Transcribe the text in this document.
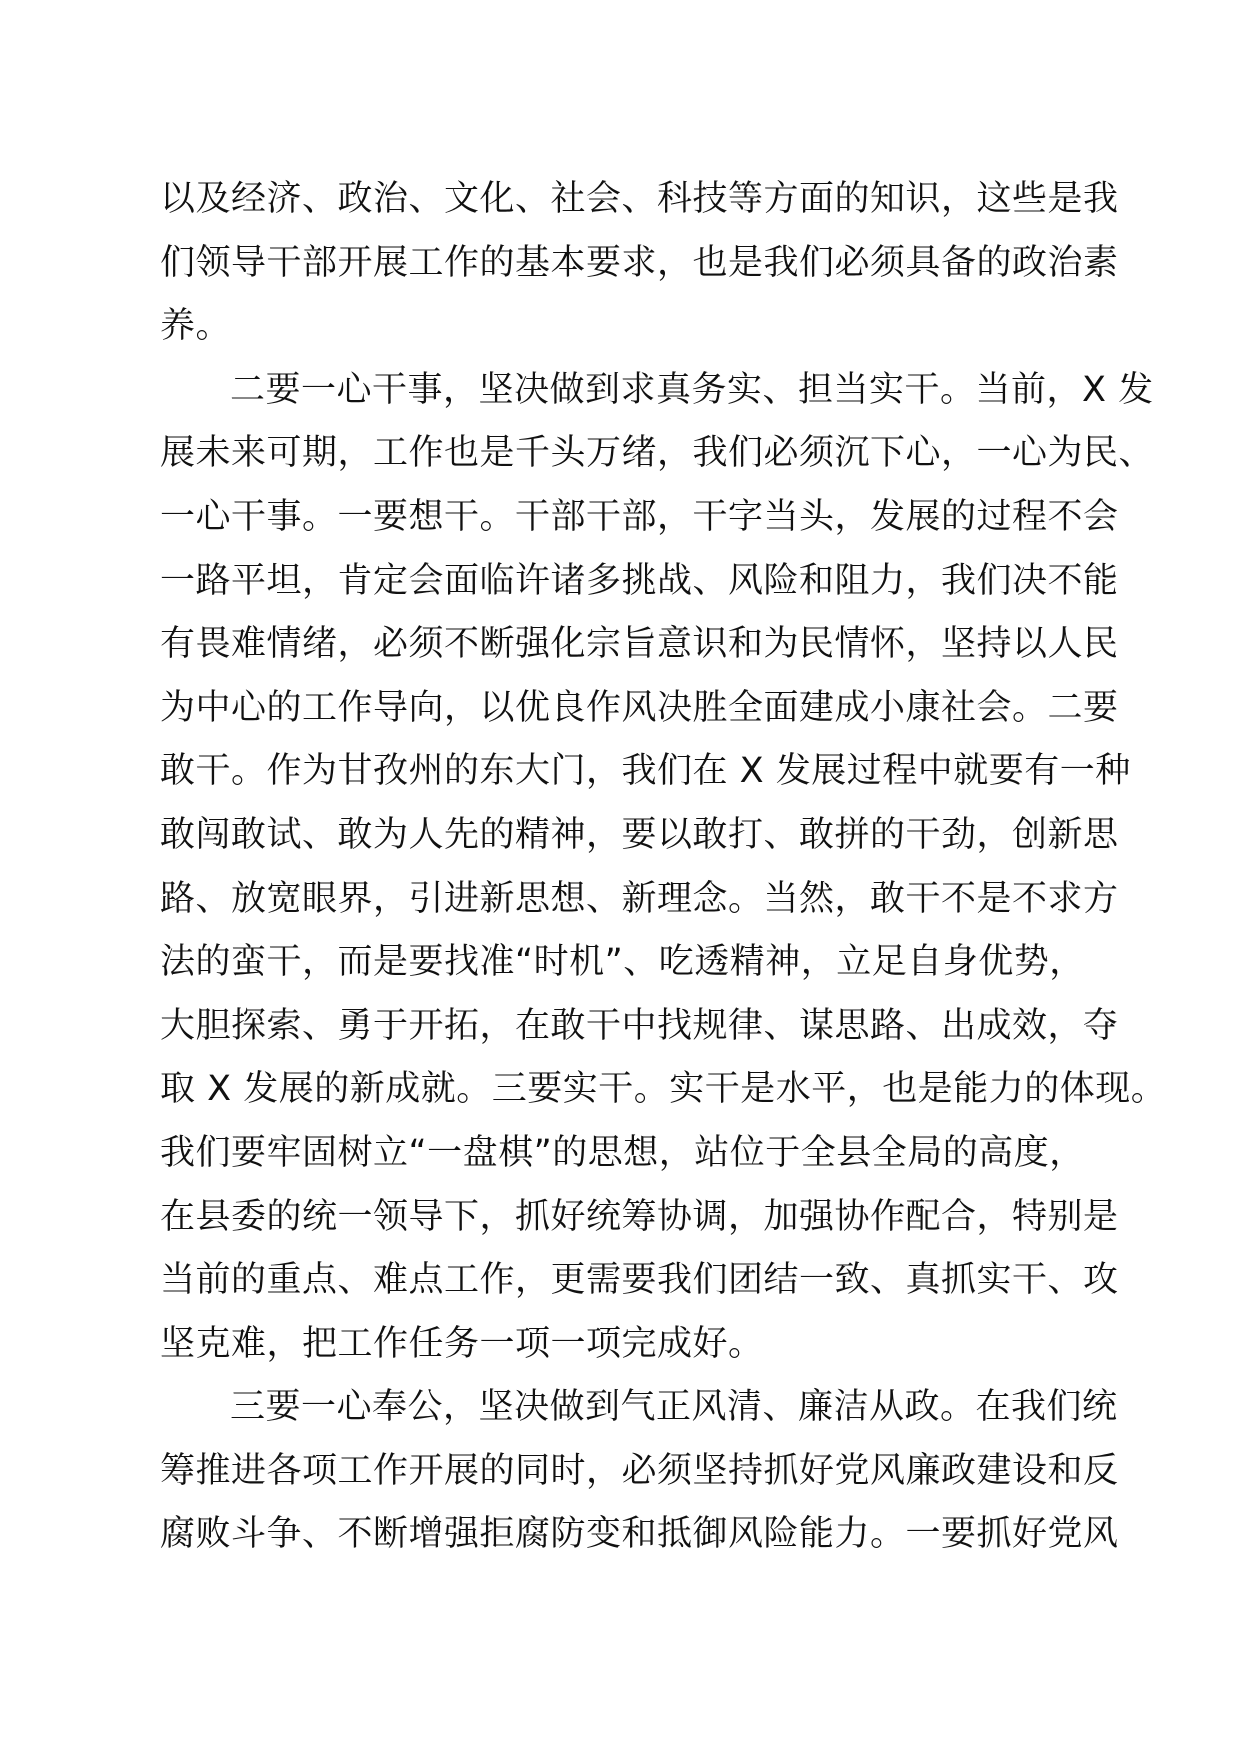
以及经济、政治、文化、社会、科技等方面的知识，这些是我
们领导干部开展工作的基本要求，也是我们必须具备的政治素
养。
二要一心干事，坚决做到求真务实、担当实干。当前，X 发
展未来可期，工作也是千头万绪，我们必须沉下心，一心为民、
一心干事。一要想干。干部干部，干字当头，发展的过程不会
一路平坦，肯定会面临许诸多挑战、风险和阻力，我们决不能
有畏难情绪，必须不断强化宗旨意识和为民情怀，坚持以人民
为中心的工作导向，以优良作风决胜全面建成小康社会。二要
敢干。作为甘孜州的东大门，我们在 X 发展过程中就要有一种
敢闯敢试、敢为人先的精神，要以敢打、敢拼的干劲，创新思
路、放宽眼界，引进新思想、新理念。当然，敢干不是不求方
法的蛮干，而是要找准“时机”、吃透精神，立足自身优势，
大胆探索、勇于开拓，在敢干中找规律、谋思路、出成效，夺
取 X 发展的新成就。三要实干。实干是水平，也是能力的体现。
我们要牢固树立“一盘棋”的思想，站位于全县全局的高度，
在县委的统一领导下，抓好统筹协调，加强协作配合，特别是
当前的重点、难点工作，更需要我们团结一致、真抓实干、攻
坚克难，把工作任务一项一项完成好。
三要一心奉公，坚决做到气正风清、廉洁从政。在我们统
筹推进各项工作开展的同时，必须坚持抓好党风廉政建设和反
腐败斗争、不断增强拒腐防变和抵御风险能力。一要抓好党风
